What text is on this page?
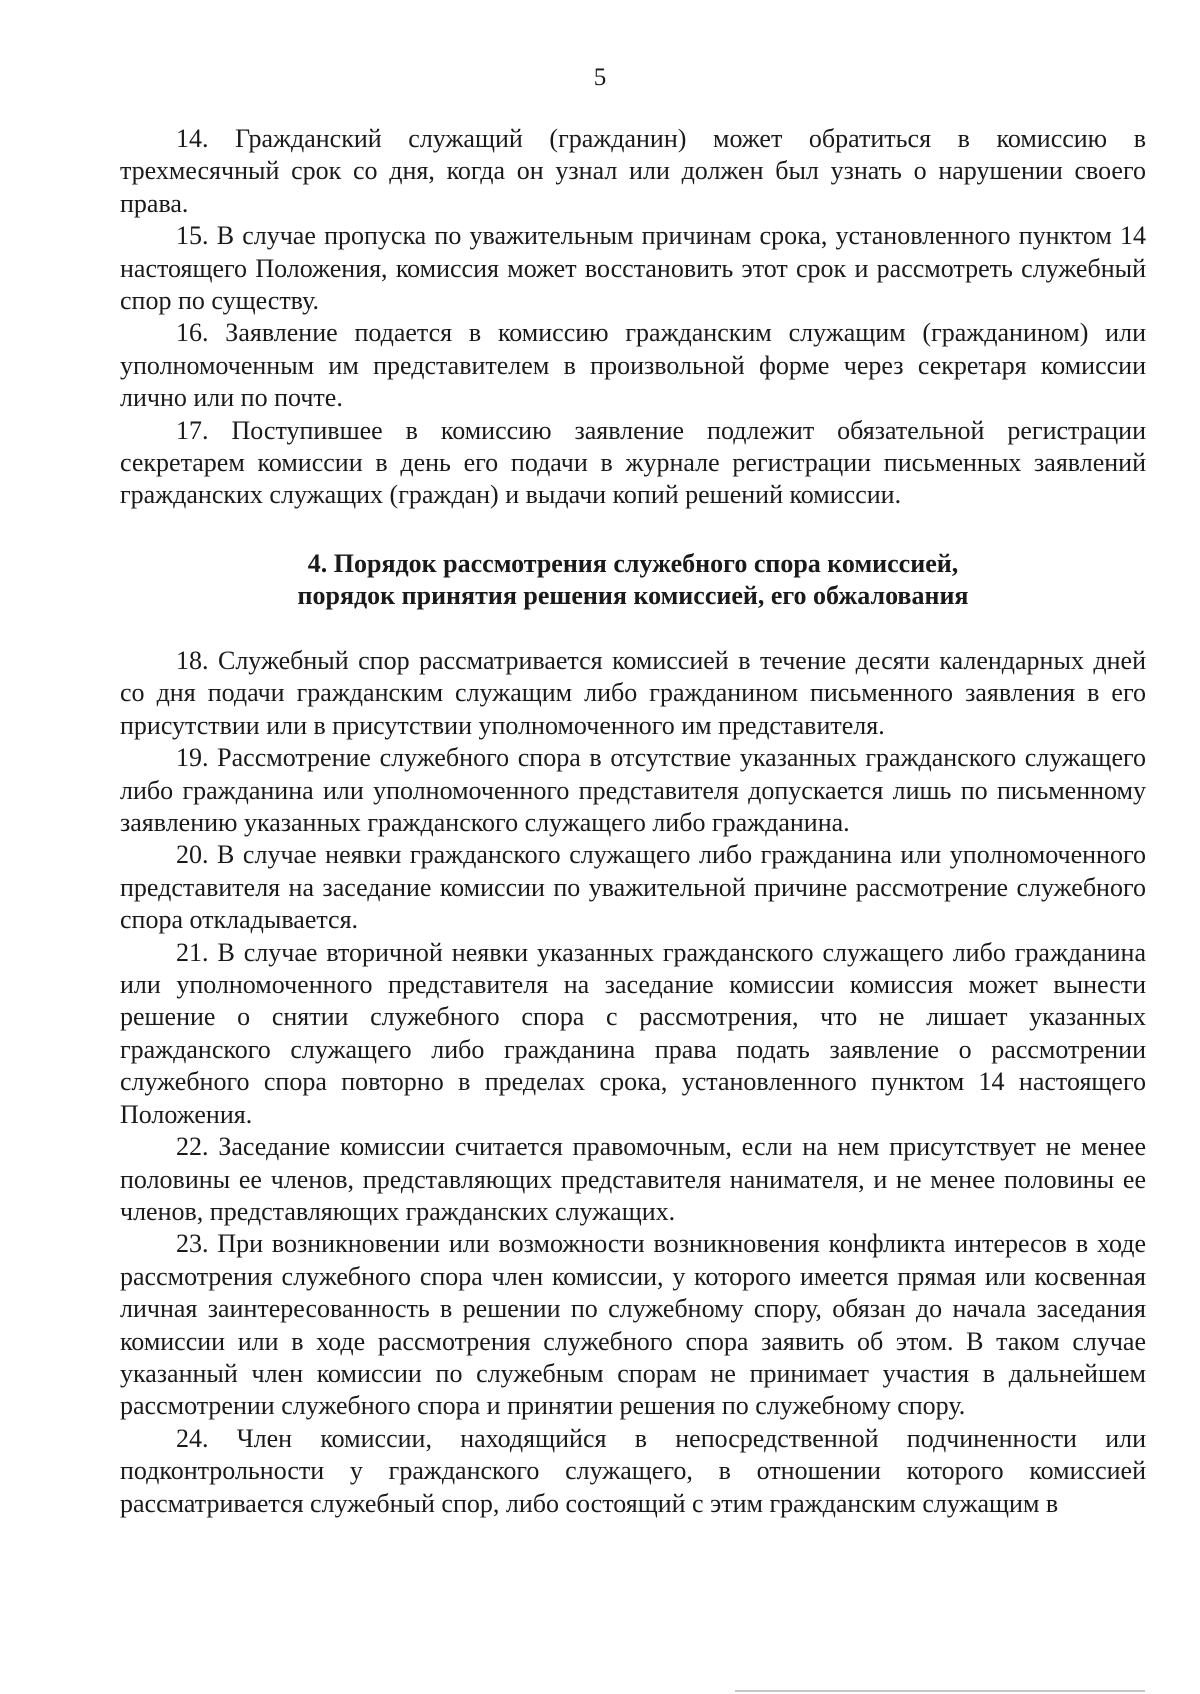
5

14. Гражданский служащий (гражданин) может обратиться в комиссию в трехмесячный срок со дня, когда он узнал или должен был узнать о нарушении своего права.

15. В случае пропуска по уважительным причинам срока, установленного пунктом 14 настоящего Положения, комиссия может восстановить этот срок и рассмотреть служебный спор по существу.

16. Заявление подается в комиссию гражданским служащим (гражданином) или уполномоченным им представителем в произвольной форме через секретаря комиссии лично или по почте.

17. Поступившее в комиссию заявление подлежит обязательной регистрации секретарем комиссии в день его подачи в журнале регистрации письменных заявлений гражданских служащих (граждан) и выдачи копий решений комиссии.

4. Порядок рассмотрения служебного спора комиссией,
порядок принятия решения комиссией, его обжалования

18. Служебный спор рассматривается комиссией в течение десяти календарных дней со дня подачи гражданским служащим либо гражданином письменного заявления в его присутствии или в присутствии уполномоченного им представителя.

19. Рассмотрение служебного спора в отсутствие указанных гражданского служащего либо гражданина или уполномоченного представителя допускается лишь по письменному заявлению указанных гражданского служащего либо гражданина.

20. В случае неявки гражданского служащего либо гражданина или уполномоченного представителя на заседание комиссии по уважительной причине рассмотрение служебного спора откладывается.

21. В случае вторичной неявки указанных гражданского служащего либо гражданина или уполномоченного представителя на заседание комиссии комиссия может вынести решение о снятии служебного спора с рассмотрения, что не лишает указанных гражданского служащего либо гражданина права подать заявление о рассмотрении служебного спора повторно в пределах срока, установленного пунктом 14 настоящего Положения.

22. Заседание комиссии считается правомочным, если на нем присутствует не менее половины ее членов, представляющих представителя нанимателя, и не менее половины ее членов, представляющих гражданских служащих.

23. При возникновении или возможности возникновения конфликта интересов в ходе рассмотрения служебного спора член комиссии, у которого имеется прямая или косвенная личная заинтересованность в решении по служебному спору, обязан до начала заседания комиссии или в ходе рассмотрения служебного спора заявить об этом. В таком случае указанный член комиссии по служебным спорам не принимает участия в дальнейшем рассмотрении служебного спора и принятии решения по служебному спору.

24. Член комиссии, находящийся в непосредственной подчиненности или подконтрольности у гражданского служащего, в отношении которого комиссией рассматривается служебный спор, либо состоящий с этим гражданским служащим в
